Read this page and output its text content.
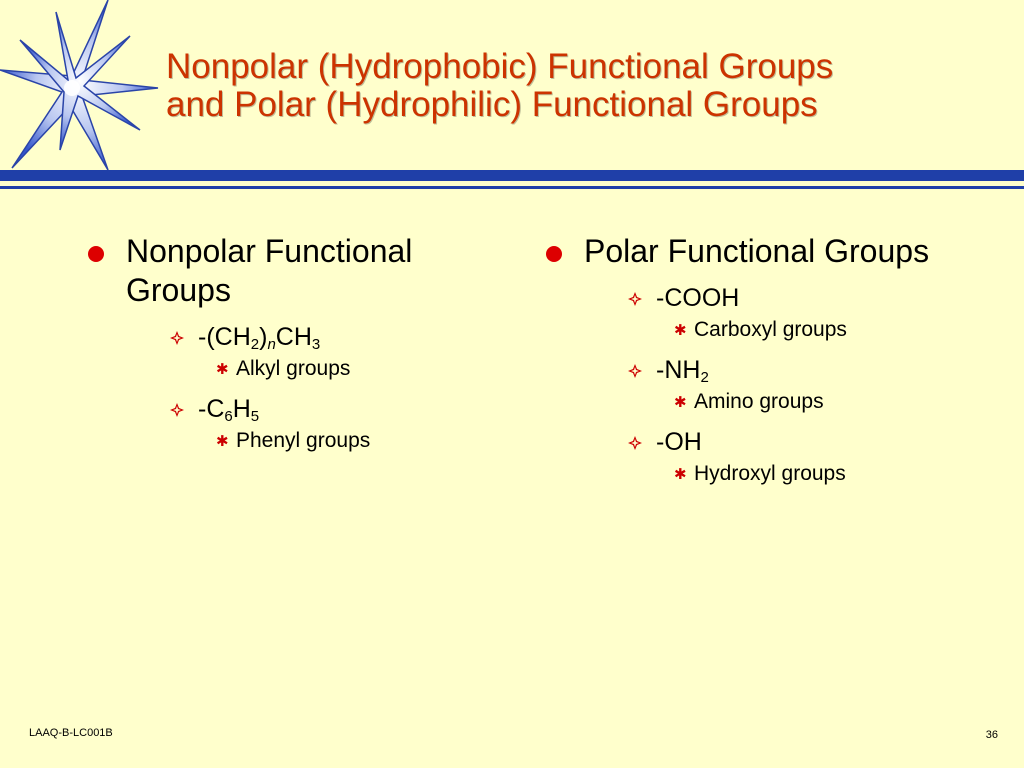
Nonpolar (Hydrophobic) Functional Groups
and Polar (Hydrophilic) Functional Groups
Nonpolar Functional Groups
$-(CH_2)_nCH_3$
✱ Alkyl groups
$-C_6H_5$
✱ Phenyl groups
Polar Functional Groups
-COOH
✱ Carboxyl groups
$-NH_2$
✱ Amino groups
-OH
✱ Hydroxyl groups
LAAQ-B-LC001B	36
